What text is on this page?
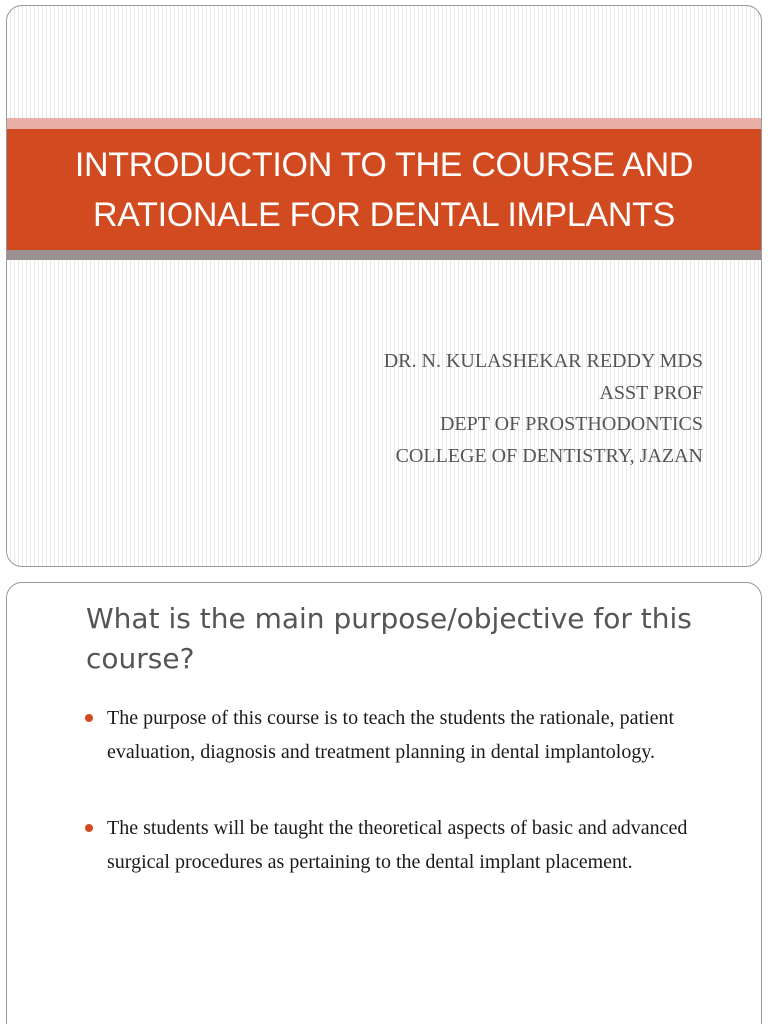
INTRODUCTION TO THE COURSE AND
RATIONALE FOR DENTAL IMPLANTS
DR. N. KULASHEKAR REDDY MDS
ASST PROF
DEPT OF PROSTHODONTICS
COLLEGE OF DENTISTRY, JAZAN
What is the main purpose/objective for this course?
The purpose of this course is to teach the students the rationale, patient evaluation, diagnosis and treatment planning in dental implantology.
The students will be taught the theoretical aspects of basic and advanced surgical procedures as pertaining to the dental implant placement.
